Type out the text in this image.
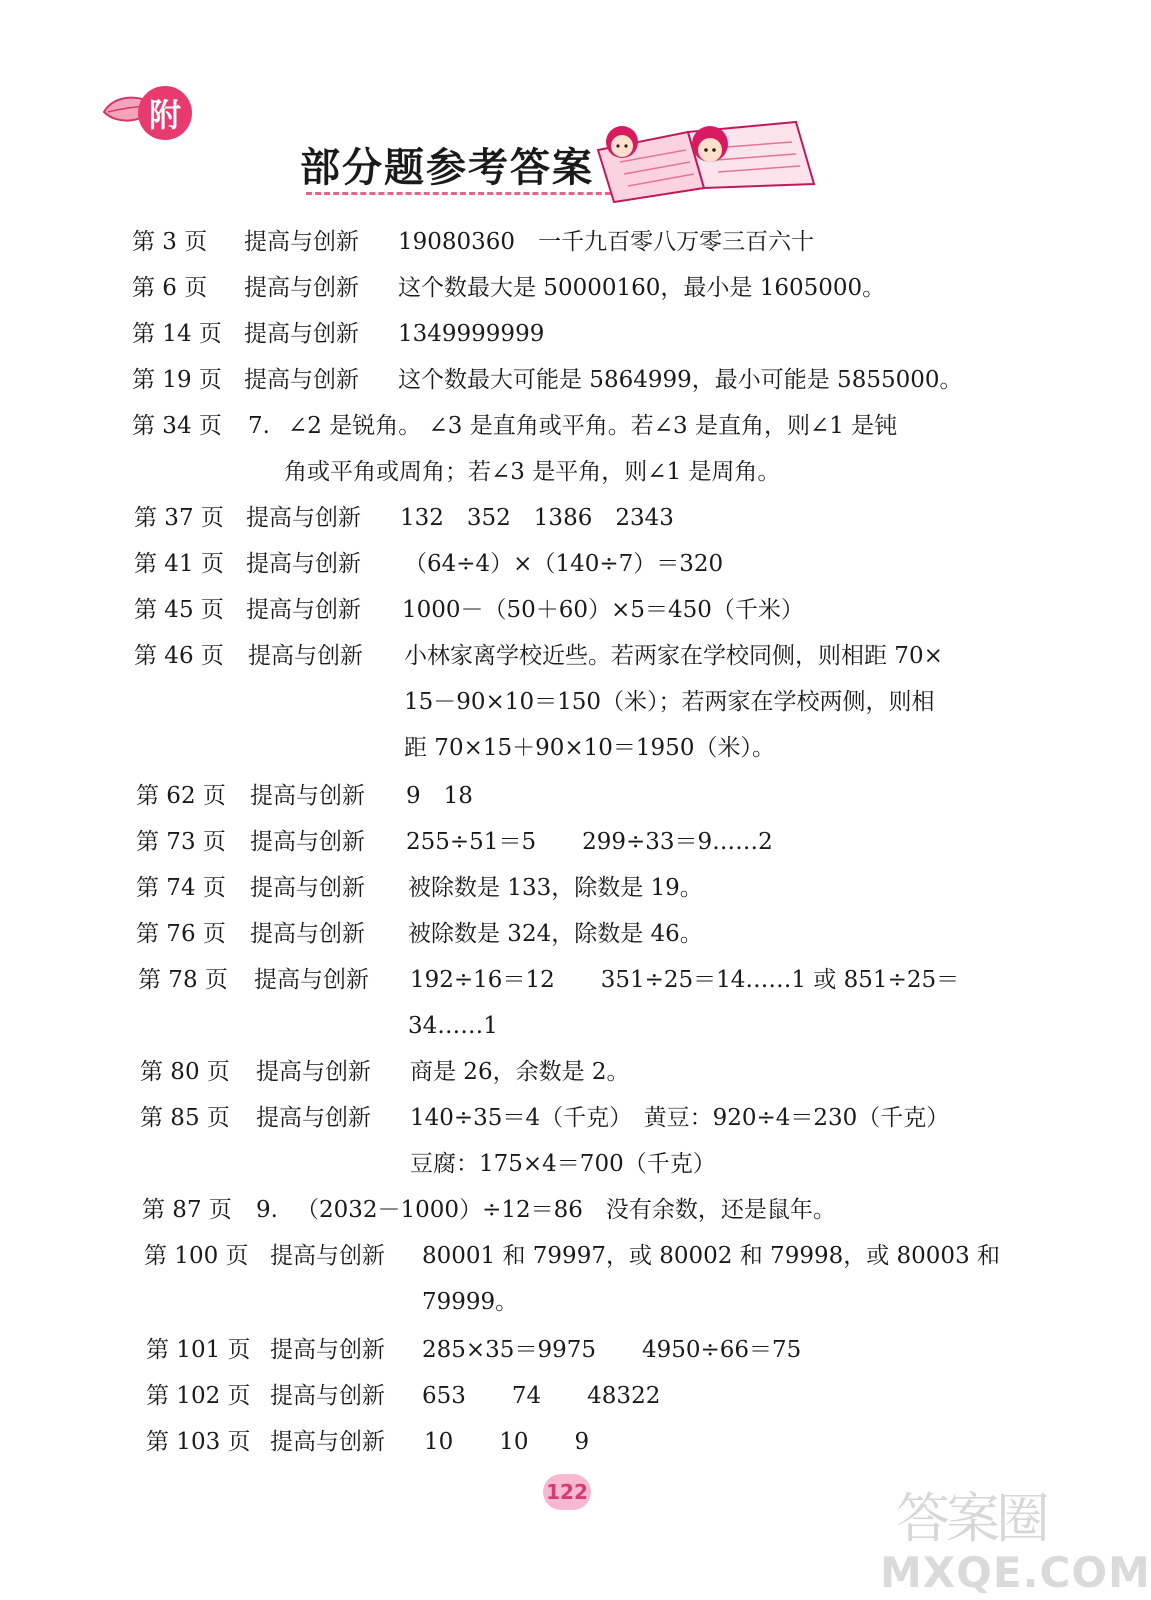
附
部分题参考答案
第 3 页 提高与创新 19080360　一千九百零八万零三百六十
第 6 页 提高与创新 这个数最大是 50000160，最小是 1605000。
第 14 页 提高与创新 1349999999
第 19 页 提高与创新 这个数最大可能是 5864999，最小可能是 5855000。
第 34 页 7. ∠2 是锐角。 ∠3 是直角或平角。若∠3 是直角，则∠1 是钝
角或平角或周角；若∠3 是平角，则∠1 是周角。
第 37 页 提高与创新 132　352　1386　2343
第 41 页 提高与创新 （64÷4）×（140÷7）＝320
第 45 页 提高与创新 1000－（50＋60）×5＝450（千米）
第 46 页 提高与创新 小林家离学校近些。若两家在学校同侧，则相距 70×
15－90×10＝150（米）；若两家在学校两侧，则相
距 70×15＋90×10＝1950（米）。
第 62 页 提高与创新 9　18
第 73 页 提高与创新 255÷51＝5　　299÷33＝9……2
第 74 页 提高与创新 被除数是 133，除数是 19。
第 76 页 提高与创新 被除数是 324，除数是 46。
第 78 页 提高与创新 192÷16＝12　　351÷25＝14……1 或 851÷25＝
34……1
第 80 页 提高与创新 商是 26，余数是 2。
第 85 页 提高与创新 140÷35＝4（千克）　黄豆：920÷4＝230（千克）
豆腐：175×4＝700（千克）
第 87 页 9. （2032－1000）÷12＝86　没有余数，还是鼠年。
第 100 页 提高与创新 80001 和 79997，或 80002 和 79998，或 80003 和
79999。
第 101 页 提高与创新 285×35＝9975　　4950÷66＝75
第 102 页 提高与创新 653　　74　　48322
第 103 页 提高与创新 10　　10　　9
122	答案圈
MXQE.COM
